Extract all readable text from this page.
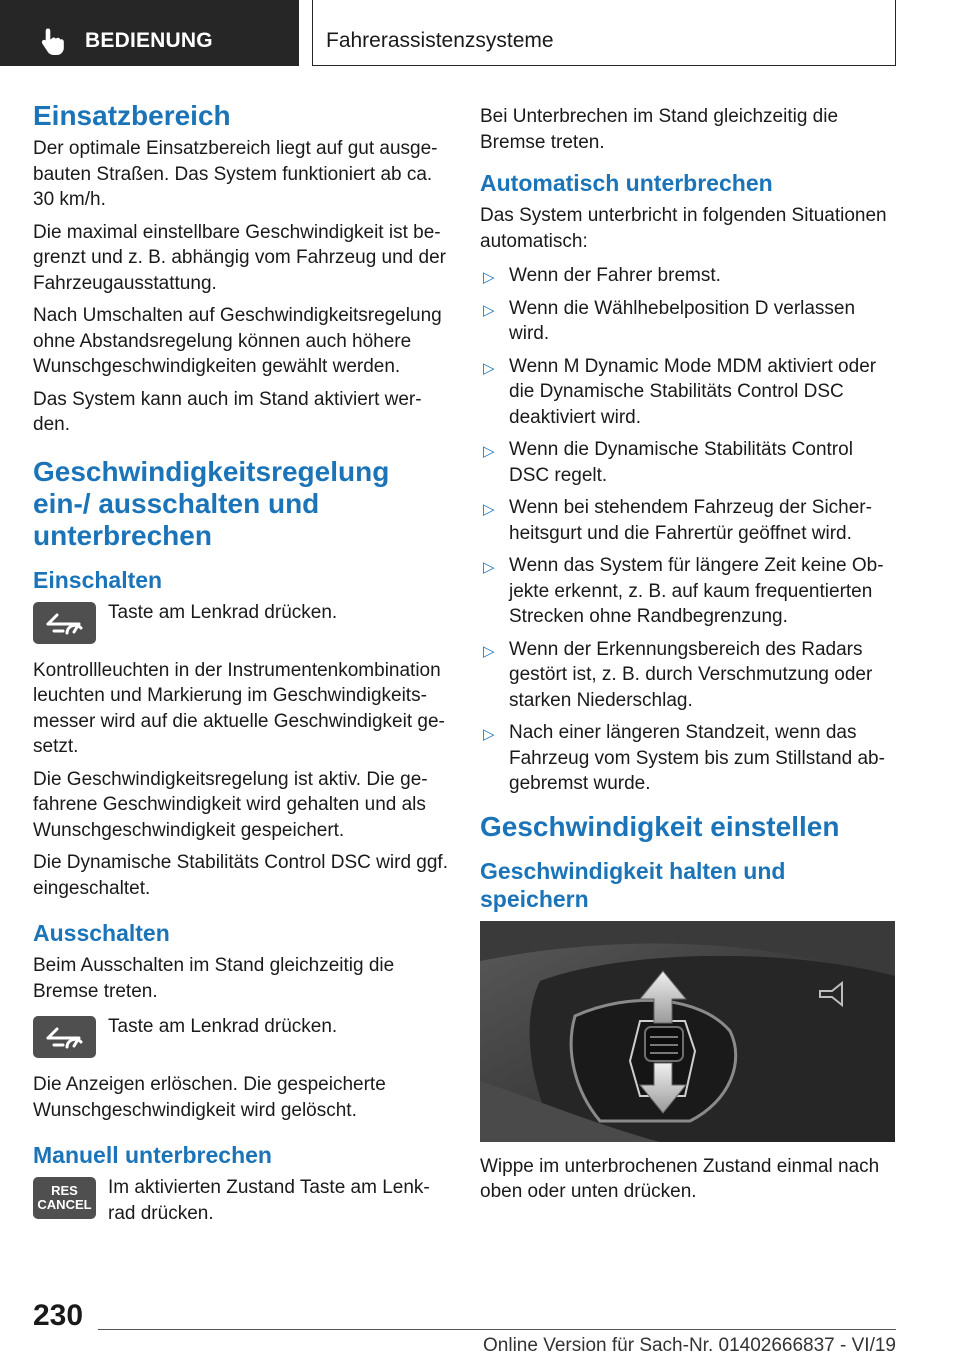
BEDIENUNG	Fahrerassistenzsysteme
Einsatzbereich

Der optimale Einsatzbereich liegt auf gut ausge-bauten Straßen. Das System funktioniert ab ca. 30 km/h.

Die maximal einstellbare Geschwindigkeit ist be-grenzt und z. B. abhängig vom Fahrzeug und der Fahrzeugausstattung.

Nach Umschalten auf Geschwindigkeitsregelung ohne Abstandsregelung können auch höhere Wunschgeschwindigkeiten gewählt werden.

Das System kann auch im Stand aktiviert wer-den.

Geschwindigkeitsregelung ein-/ ausschalten und unterbrechen
Einschalten

Taste am Lenkrad drücken.

Kontrollleuchten in der Instrumentenkombination leuchten und Markierung im Geschwindigkeits-messer wird auf die aktuelle Geschwindigkeit ge-setzt.

Die Geschwindigkeitsregelung ist aktiv. Die ge-fahrene Geschwindigkeit wird gehalten und als Wunschgeschwindigkeit gespeichert.

Die Dynamische Stabilitäts Control DSC wird ggf. eingeschaltet.

Ausschalten

Beim Ausschalten im Stand gleichzeitig die Bremse treten.

Taste am Lenkrad drücken.

Die Anzeigen erlöschen. Die gespeicherte Wunschgeschwindigkeit wird gelöscht.

Manuell unterbrechen
RES
CANCEL

Im aktivierten Zustand Taste am Lenk-rad drücken.

Bei Unterbrechen im Stand gleichzeitig die Bremse treten.

Automatisch unterbrechen

Das System unterbricht in folgenden Situationen automatisch:

▷ Wenn der Fahrer bremst.
▷ Wenn die Wählhebelposition D verlassen wird.
▷ Wenn M Dynamic Mode MDM aktiviert oder die Dynamische Stabilitäts Control DSC deaktiviert wird.
▷ Wenn die Dynamische Stabilitäts Control DSC regelt.
▷ Wenn bei stehendem Fahrzeug der Sicher-heitsgurt und die Fahrertür geöffnet wird.
▷ Wenn das System für längere Zeit keine Ob-jekte erkennt, z. B. auf kaum frequentierten Strecken ohne Randbegrenzung.
▷ Wenn der Erkennungsbereich des Radars gestört ist, z. B. durch Verschmutzung oder starken Niederschlag.
▷ Nach einer längeren Standzeit, wenn das Fahrzeug vom System bis zum Stillstand ab-gebremst wurde.
Geschwindigkeit einstellen
Geschwindigkeit halten und speichern

Wippe im unterbrochenen Zustand einmal nach oben oder unten drücken.

230
Online Version für Sach-Nr. 01402666837 - VI/19
